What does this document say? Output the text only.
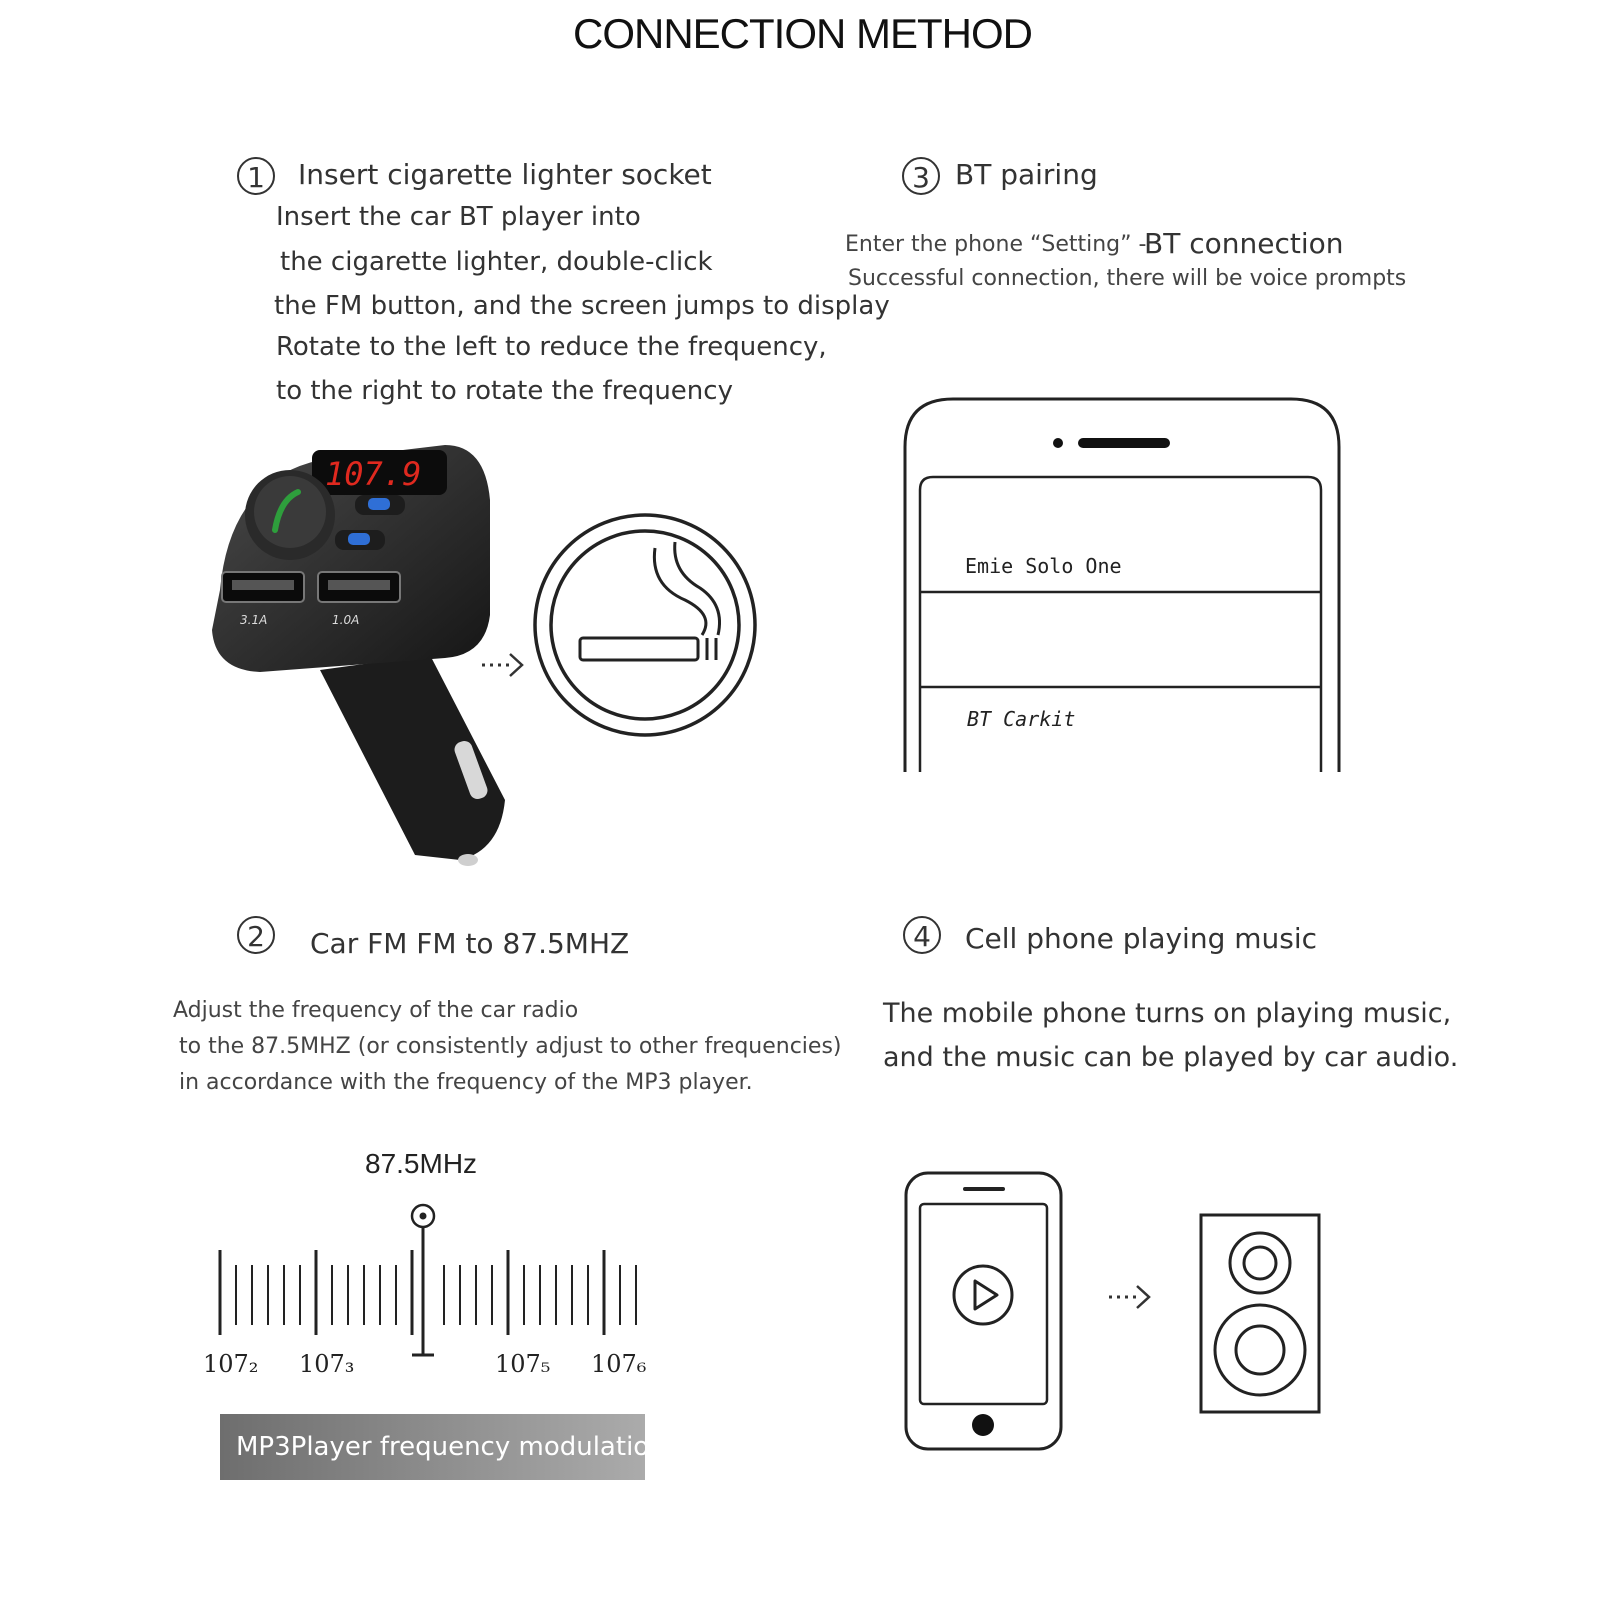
CONNECTION METHOD
1	Insert cigarette lighter socket
Insert the car BT player into
the cigarette lighter, double-click
the FM button, and the screen jumps to display
Rotate to the left to reduce the frequency,
to the right to rotate the frequency
107.9
3.1A	1.0A
3 BT pairing
Enter the phone “Setting” -
BT connection
Successful connection, there will be voice prompts
Emie Solo One
BT Carkit
2	Car FM FM to 87.5MHZ
Adjust the frequency of the car radio
to the 87.5MHZ (or consistently adjust to other frequencies)
in accordance with the frequency of the MP3 player.
87.5MHz
107₂ 107₃	107₅ 107₆
MP3Player frequency modulation
4	Cell phone playing music
The mobile phone turns on playing music,
and the music can be played by car audio.
